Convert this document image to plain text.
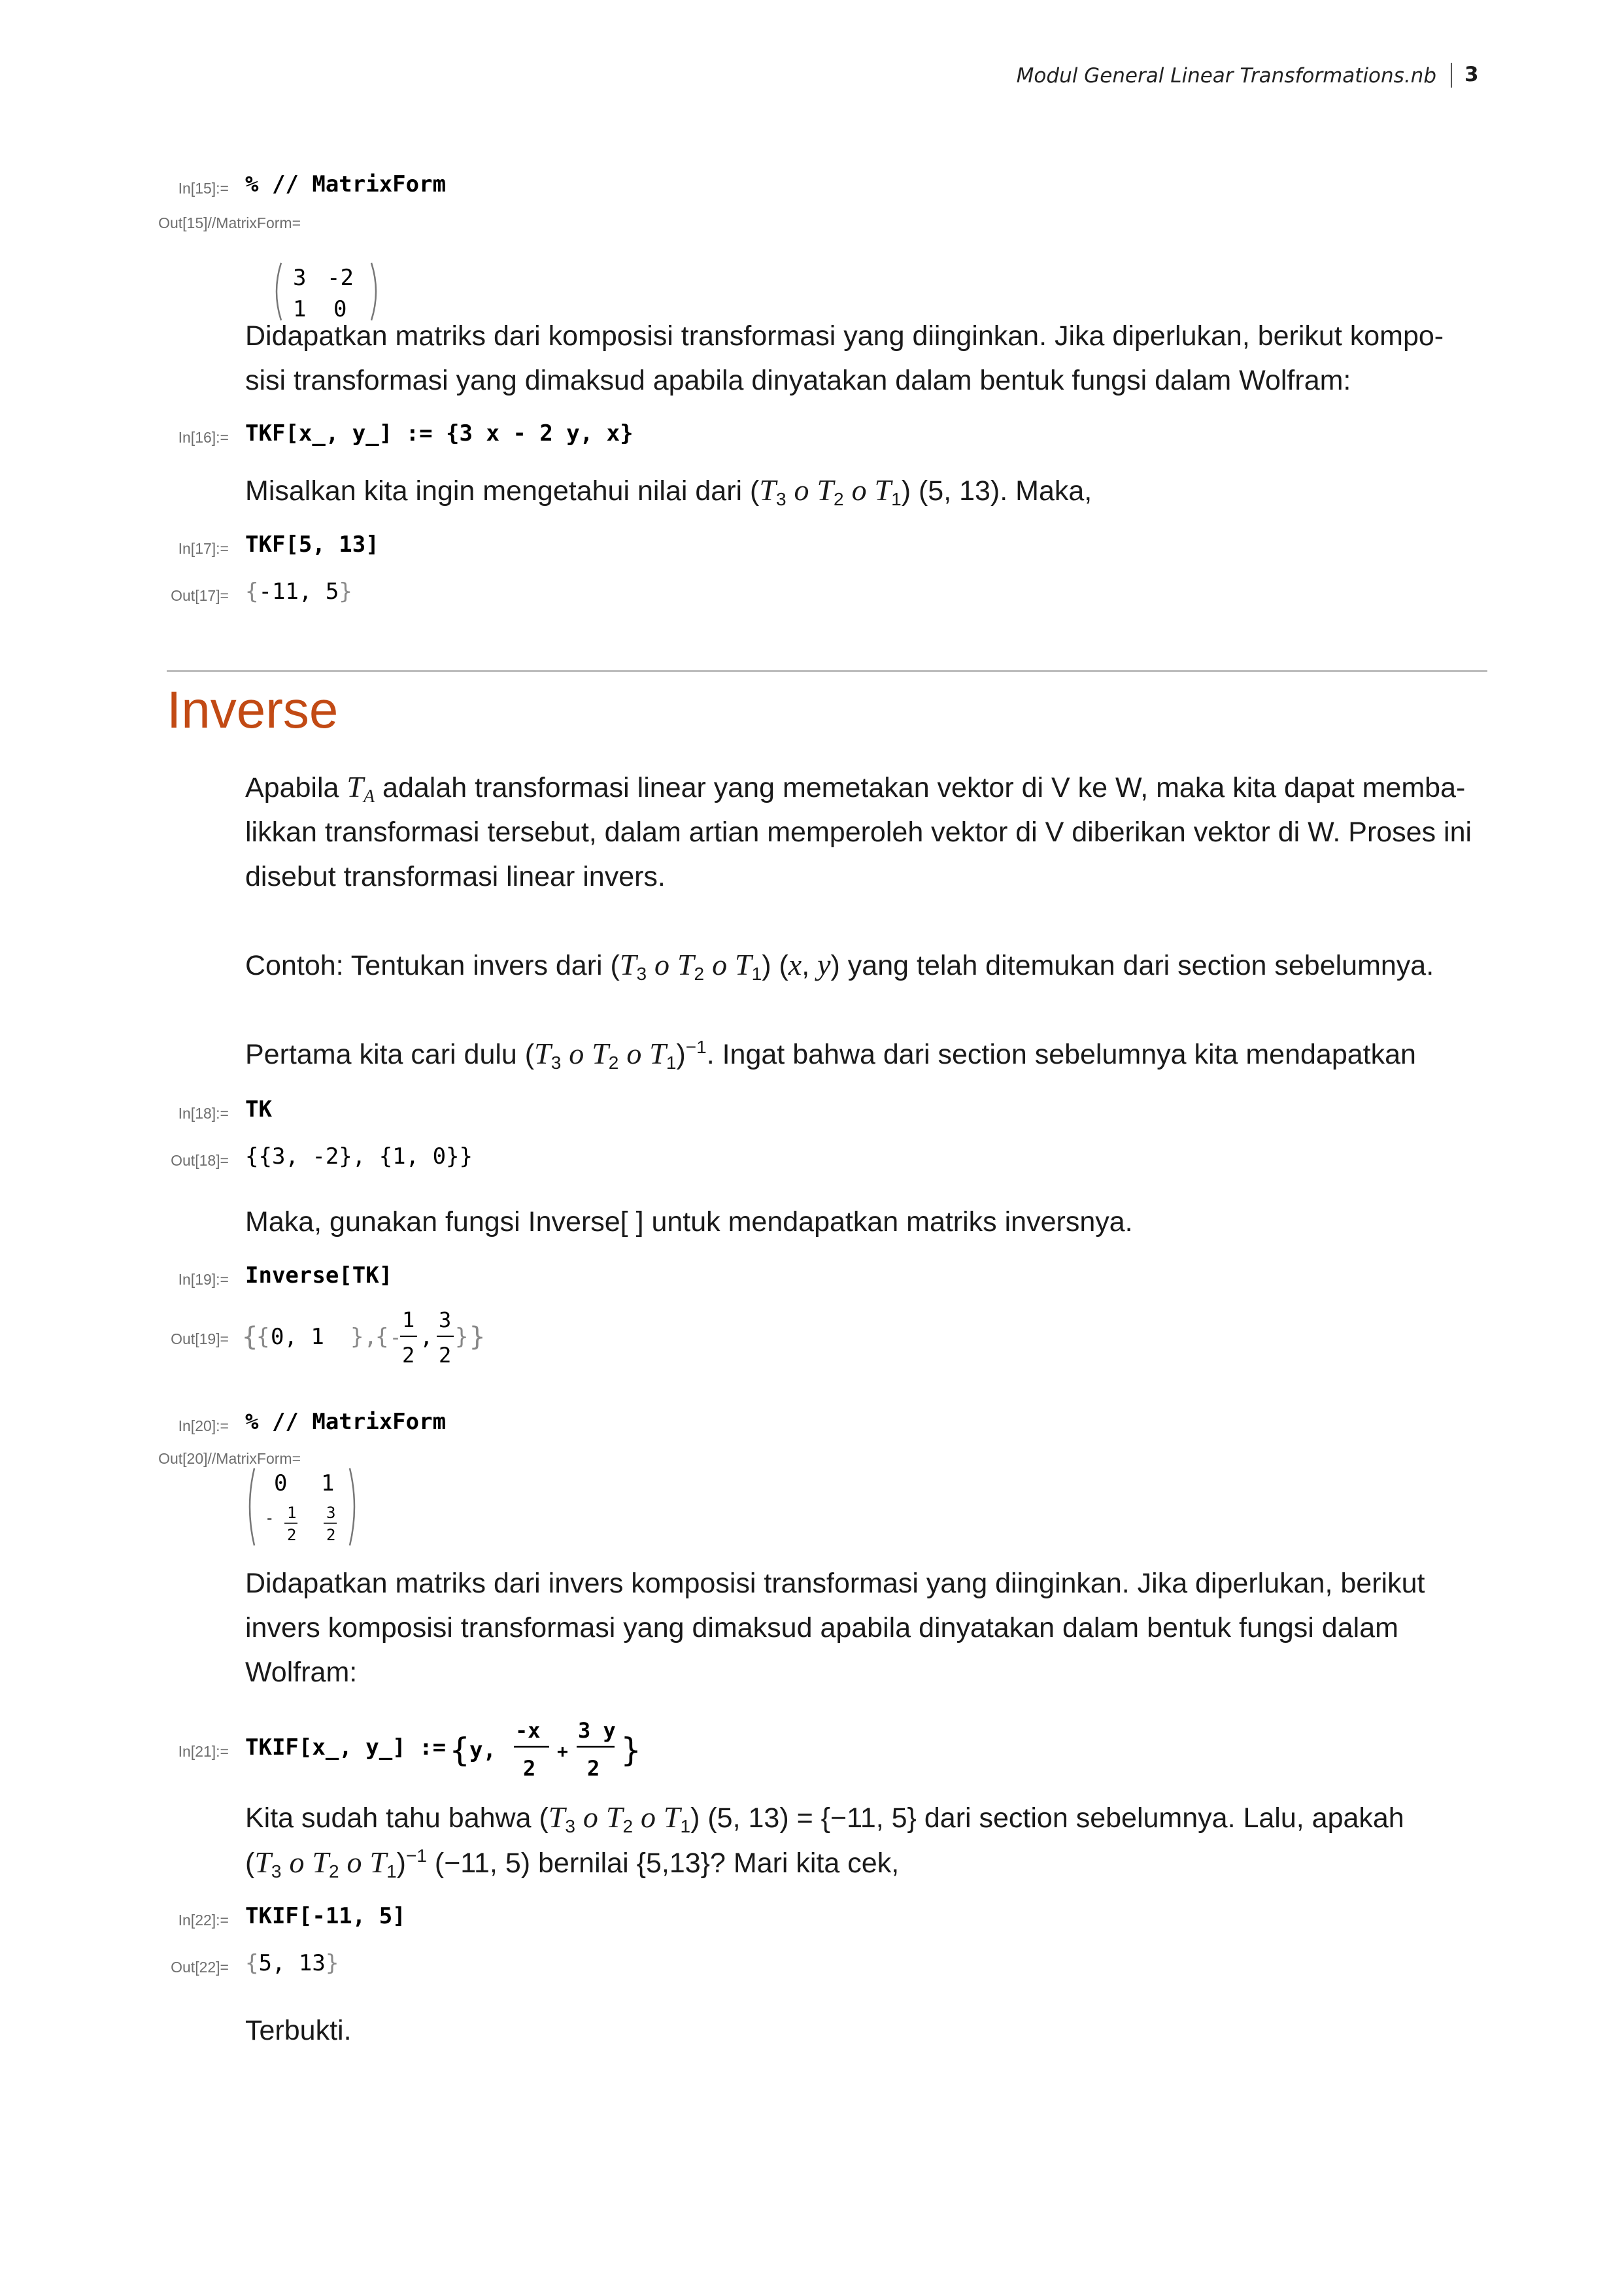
Modul General Linear Transformations.nb 3
In[15]:= % // MatrixForm
Out[15]//MatrixForm=

3 -2
1 0

Didapatkan matriks dari komposisi transformasi yang diinginkan. Jika diperlukan, berikut kompo-
sisi transformasi yang dimaksud apabila dinyatakan dalam bentuk fungsi dalam Wolfram:
In[16]:= TKF[x_, y_] := {3 x - 2 y, x}
Misalkan kita ingin mengetahui nilai dari ($T_3$ o $T_2$ o $T_1$) (5, 13). Maka,
In[17]:= TKF[5, 13]
Out[17]= {-11, 5}
Inverse
Apabila $T_A$ adalah transformasi linear yang memetakan vektor di V ke W, maka kita dapat memba-
likkan transformasi tersebut, dalam artian memperoleh vektor di V diberikan vektor di W. Proses ini
disebut transformasi linear invers.
Contoh: Tentukan invers dari ($T_3$ o $T_2$ o $T_1$) (x, y) yang telah ditemukan dari section sebelumnya.
Pertama kita cari dulu ($T_3$ o $T_2$ o $T_1)^{-1}$. Ingat bahwa dari section sebelumnya kita mendapatkan
In[18]:= TK
Out[18]= {{3, -2}, {1, 0}}
Maka, gunakan fungsi Inverse[ ] untuk mendapatkan matriks inversnya.
In[19]:= Inverse[TK]
Out[19]= {
{ 0, 1 },
{ -
1
2
,
3
2
} }
In[20]:= % // MatrixForm
Out[20]//MatrixForm=
0 1
- 1
2
3
2
Didapatkan matriks dari invers komposisi transformasi yang diinginkan. Jika diperlukan, berikut
invers komposisi transformasi yang dimaksud apabila dinyatakan dalam bentuk fungsi dalam
Wolfram:
In[21]:= TKIF[x_, y_] := { y,
-x
2
+
3 y
2 }
Kita sudah tahu bahwa ($T_3$ o $T_2$ o $T_1$) (5, 13) = {−11, 5} dari section sebelumnya. Lalu, apakah
($T_3$ o $T_2$ o $T_1)^{-1}$ (−11, 5) bernilai {5,13}? Mari kita cek,
In[22]:= TKIF[-11, 5]
Out[22]= {5, 13}
Terbukti.
